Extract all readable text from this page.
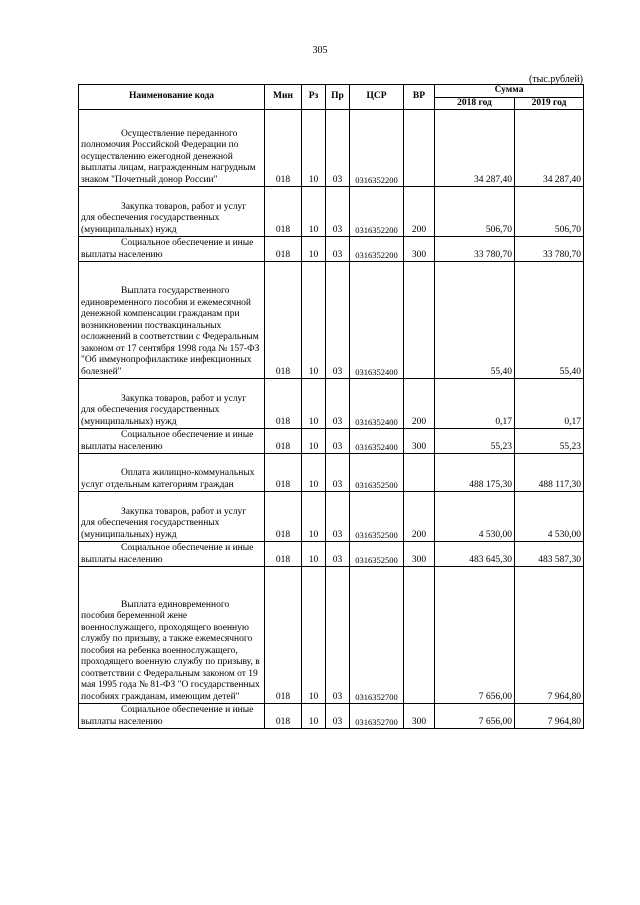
305
(тыс.рублей)
Наименование кода	Мин	Рз	Пр	ЦСР	ВР	Сумма	
						2018 год	2019 год
Осуществление переданного полномочия Российской Федерации по осуществлению ежегодной денежной выплаты лицам, награжденным нагрудным знаком "Почетный донор России"	018	10	03	0316352200		34 287,40	34 287,40
Закупка товаров, работ и услуг для обеспечения государственных (муниципальных) нужд	018	10	03	0316352200	200	506,70	506,70
Социальное обеспечение и иные выплаты населению	018	10	03	0316352200	300	33 780,70	33 780,70
Выплата государственного единовременного пособия и ежемесячной денежной компенсации гражданам при возникновении поствакцинальных осложнений в соответствии с Федеральным законом от 17 сентября 1998 года № 157-ФЗ "Об иммунопрофилактике инфекционных болезней"	018	10	03	0316352400		55,40	55,40
Закупка товаров, работ и услуг для обеспечения государственных (муниципальных) нужд	018	10	03	0316352400	200	0,17	0,17
Социальное обеспечение и иные выплаты населению	018	10	03	0316352400	300	55,23	55,23
Оплата жилищно-коммунальных услуг отдельным категориям граждан	018	10	03	0316352500		488 175,30	488 117,30
Закупка товаров, работ и услуг для обеспечения государственных (муниципальных) нужд	018	10	03	0316352500	200	4 530,00	4 530,00
Социальное обеспечение и иные выплаты населению	018	10	03	0316352500	300	483 645,30	483 587,30
Выплата единовременного пособия беременной жене военнослужащего, проходящего военную службу по призыву, а также ежемесячного пособия на ребенка военнослужащего, проходящего военную службу по призыву, в соответствии с Федеральным законом от 19 мая 1995 года № 81-ФЗ "О государственных пособиях гражданам, имеющим детей"	018	10	03	0316352700		7 656,00	7 964,80
Социальное обеспечение и иные выплаты населению	018	10	03	0316352700	300	7 656,00	7 964,80
